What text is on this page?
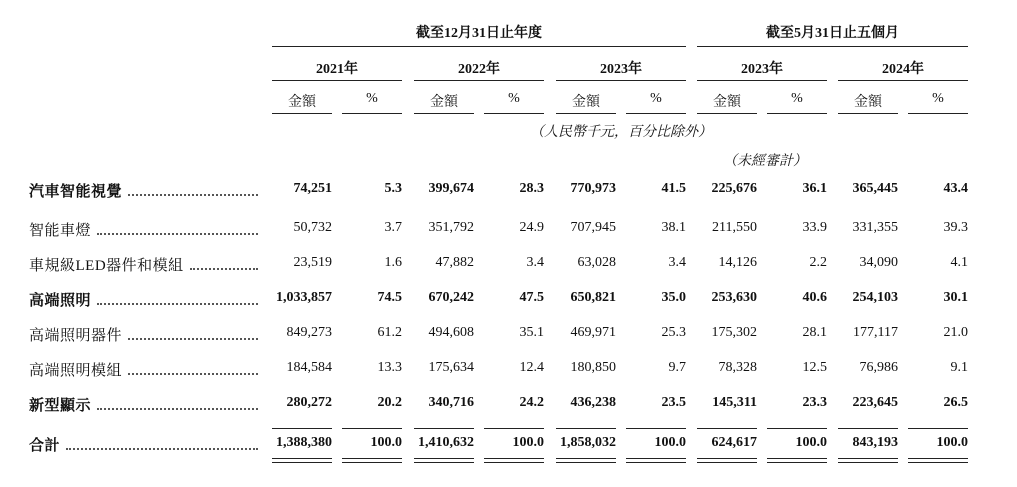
截至12月31日止年度	截至5月31日止五個月
2021年	2022年	2023年	2023年	2024年
金額	%	金額	%	金額	%	金額	%	金額	%
（人民幣千元，百分比除外）
（未經審計）
汽車智能視覺	74,251	5.3	399,674	28.3	770,973	41.5	225,676	36.1	365,445	43.4
智能車燈	50,732	3.7	351,792	24.9	707,945	38.1	211,550	33.9	331,355	39.3
車規級LED器件和模組	23,519	1.6	47,882	3.4	63,028	3.4	14,126	2.2	34,090	4.1
高端照明	1,033,857	74.5	670,242	47.5	650,821	35.0	253,630	40.6	254,103	30.1
高端照明器件	849,273	61.2	494,608	35.1	469,971	25.3	175,302	28.1	177,117	21.0
高端照明模組	184,584	13.3	175,634	12.4	180,850	9.7	78,328	12.5	76,986	9.1
新型顯示	280,272	20.2	340,716	24.2	436,238	23.5	145,311	23.3	223,645	26.5
合計	1,388,380	100.0	1,410,632	100.0	1,858,032	100.0	624,617	100.0	843,193	100.0
